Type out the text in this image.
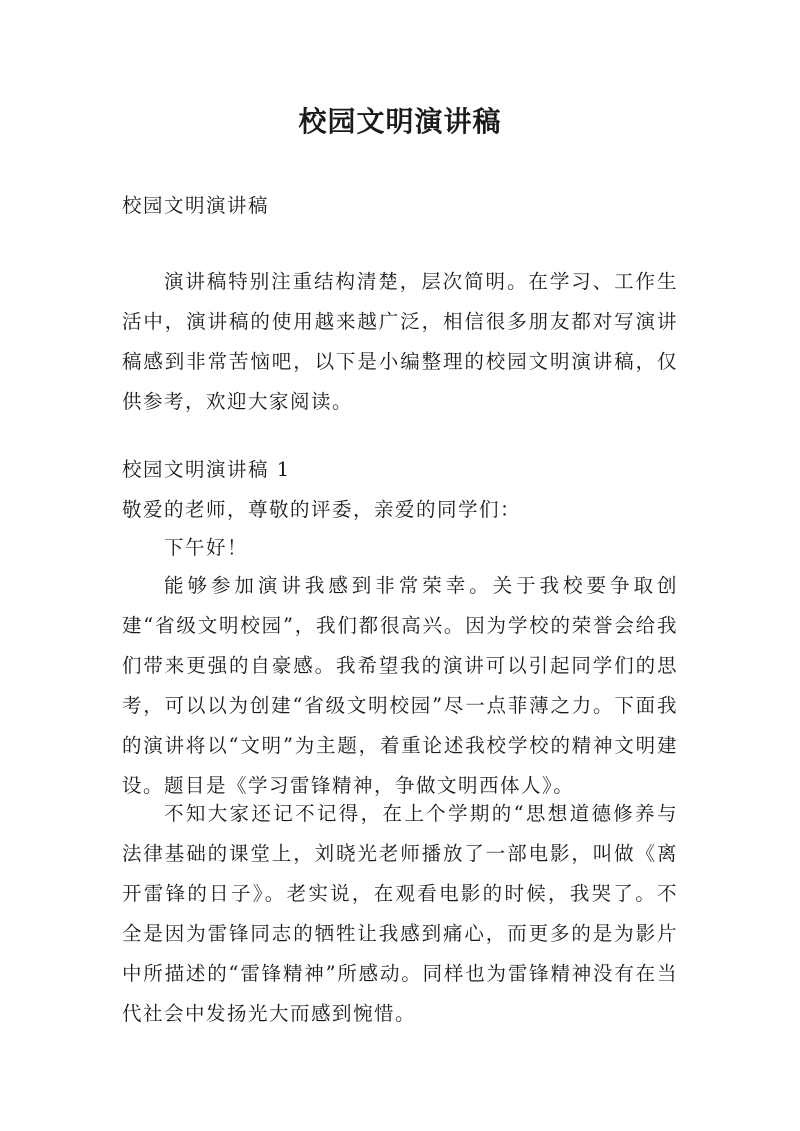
校园文明演讲稿

校园文明演讲稿

演讲稿特别注重结构清楚，层次简明。在学习、工作生活中，演讲稿的使用越来越广泛，相信很多朋友都对写演讲稿感到非常苦恼吧，以下是小编整理的校园文明演讲稿，仅供参考，欢迎大家阅读。

校园文明演讲稿 1

敬爱的老师，尊敬的评委，亲爱的同学们：

下午好！

能够参加演讲我感到非常荣幸。关于我校要争取创建“省级文明校园”，我们都很高兴。因为学校的荣誉会给我们带来更强的自豪感。我希望我的演讲可以引起同学们的思考，可以以为创建“省级文明校园”尽一点菲薄之力。下面我的演讲将以“文明”为主题，着重论述我校学校的精神文明建设。题目是《学习雷锋精神，争做文明西体人》。

不知大家还记不记得，在上个学期的“思想道德修养与法律基础的课堂上，刘晓光老师播放了一部电影，叫做《离开雷锋的日子》。老实说，在观看电影的时候，我哭了。不全是因为雷锋同志的牺牲让我感到痛心，而更多的是为影片中所描述的“雷锋精神”所感动。同样也为雷锋精神没有在当代社会中发扬光大而感到惋惜。
